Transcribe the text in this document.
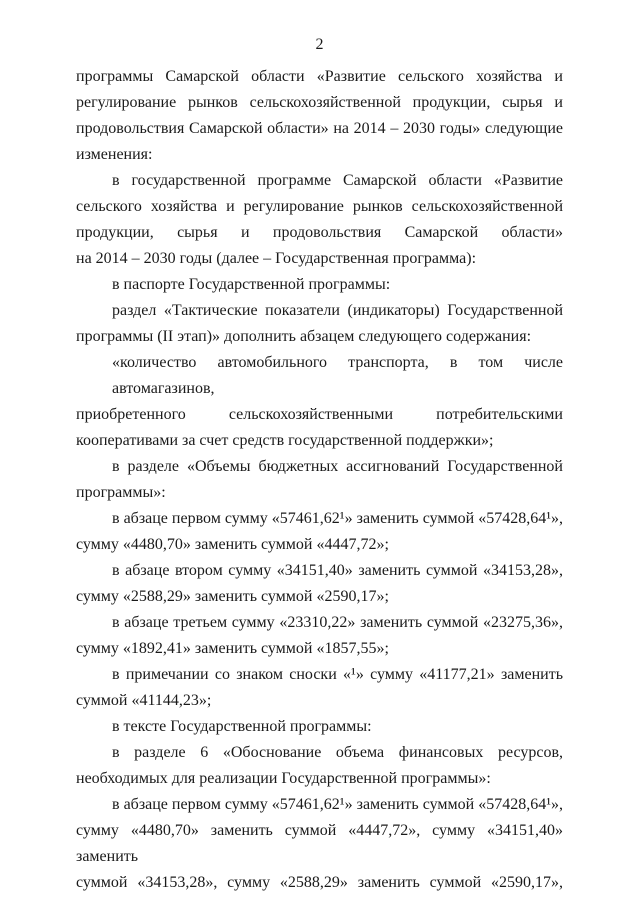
2
программы Самарской области «Развитие сельского хозяйства и
регулирование рынков сельскохозяйственной продукции, сырья и
продовольствия Самарской области» на 2014 – 2030 годы» следующие
изменения:
в государственной программе Самарской области «Развитие
сельского хозяйства и регулирование рынков сельскохозяйственной
продукции, сырья и продовольствия Самарской области»
на 2014 – 2030 годы (далее – Государственная программа):
в паспорте Государственной программы:
раздел «Тактические показатели (индикаторы) Государственной
программы (II этап)» дополнить абзацем следующего содержания:
«количество автомобильного транспорта, в том числе автомагазинов,
приобретенного сельскохозяйственными потребительскими
кооперативами за счет средств государственной поддержки»;
в разделе «Объемы бюджетных ассигнований Государственной
программы»:
в абзаце первом сумму «57461,62¹» заменить суммой «57428,64¹»,
сумму «4480,70» заменить суммой «4447,72»;
в абзаце втором сумму «34151,40» заменить суммой «34153,28»,
сумму «2588,29» заменить суммой «2590,17»;
в абзаце третьем сумму «23310,22» заменить суммой «23275,36»,
сумму «1892,41» заменить суммой «1857,55»;
в примечании со знаком сноски «¹» сумму «41177,21» заменить
суммой «41144,23»;
в тексте Государственной программы:
в разделе 6 «Обоснование объема финансовых ресурсов,
необходимых для реализации Государственной программы»:
в абзаце первом сумму «57461,62¹» заменить суммой «57428,64¹»,
сумму «4480,70» заменить суммой «4447,72», сумму «34151,40» заменить
суммой «34153,28», сумму «2588,29» заменить суммой «2590,17»,
